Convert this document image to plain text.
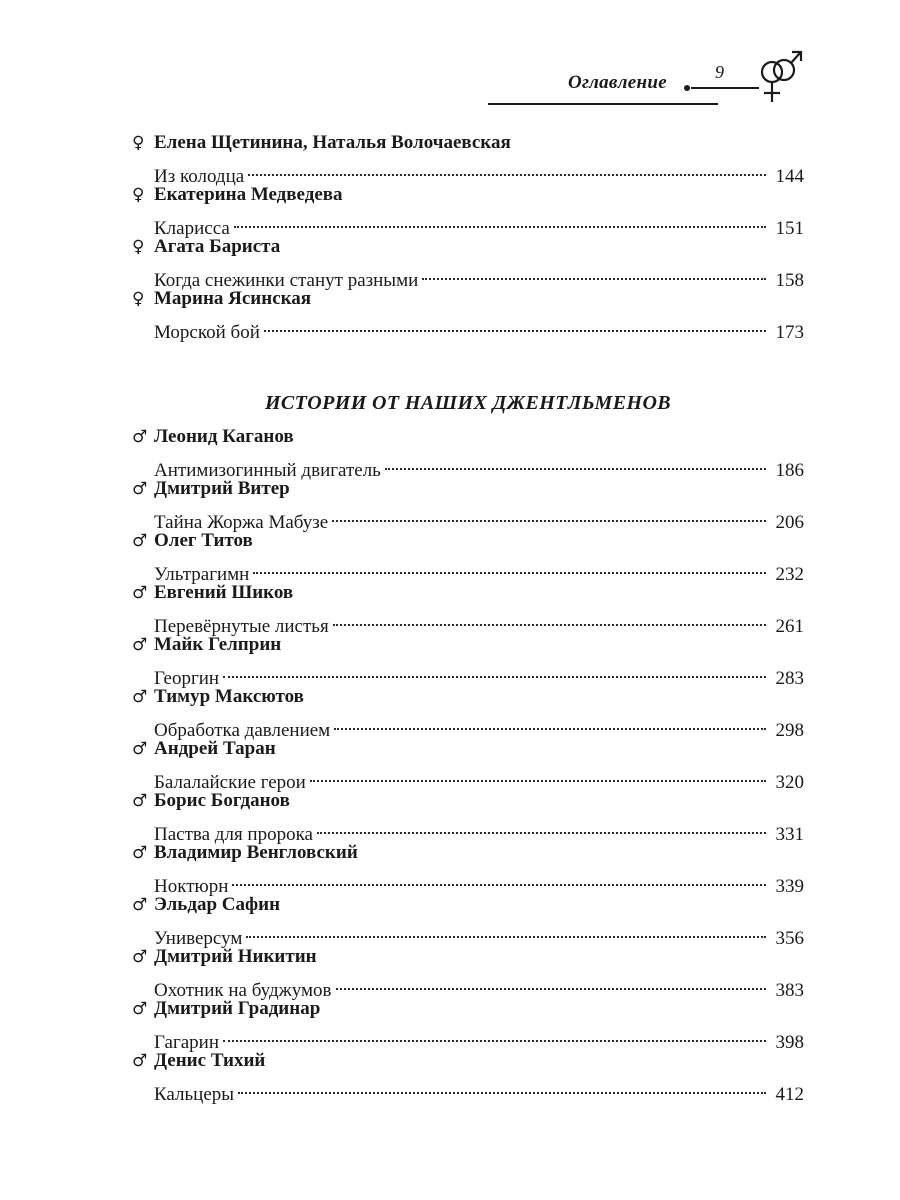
Оглавление	9
♀ Елена Щетинина, Наталья Волочаевская
Из колодца	144
♀ Екатерина Медведева
Кларисса	151
♀ Агата Бариста
Когда снежинки станут разными	158
♀ Марина Ясинская
Морской бой	173
ИСТОРИИ ОТ НАШИХ ДЖЕНТЛЬМЕНОВ
♂ Леонид Каганов
Антимизогинный двигатель	186
♂ Дмитрий Витер
Тайна Жоржа Мабузе	206
♂ Олег Титов
Ультрагимн	232
♂ Евгений Шиков
Перевёрнутые листья	261
♂ Майк Гелприн
Георгин	283
♂ Тимур Максютов
Обработка давлением	298
♂ Андрей Таран
Балалайские герои	320
♂ Борис Богданов
Паства для пророка	331
♂ Владимир Венгловский
Ноктюрн	339
♂ Эльдар Сафин
Универсум	356
♂ Дмитрий Никитин
Охотник на буджумов	383
♂ Дмитрий Градинар
Гагарин	398
♂ Денис Тихий
Кальцеры	412
